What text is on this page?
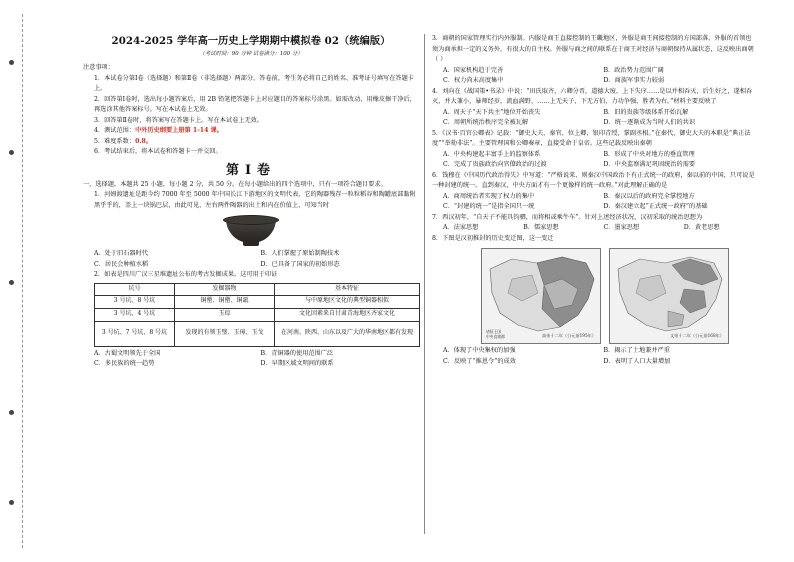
2024-2025 学年高一历史上学期期中模拟卷 02（统编版）
（考试时间：90 分钟 试卷满分：100 分）
注意事项：
1．本试卷分第Ⅰ卷（选择题）和第Ⅱ卷（非选择题）两部分。答卷前，考生务必将自己的姓名、准考证号填写在答题卡上。
2．回答第Ⅰ卷时，选出每小题答案后，用 2B 铅笔把答题卡上对应题目的答案标号涂黑。如需改动，用橡皮擦干净后，再选涂其他答案标号。写在本试卷上无效。
3．回答第Ⅱ卷时，将答案写在答题卡上。写在本试卷上无效。
4．测试范围：中外历史纲要上册第 1-14 课。
5．难度系数：0.8。
6．考试结束后，将本试卷和答题卡一并交回。
第Ⅰ卷
一、选择题。本题共 25 小题，每小题 2 分，共 50 分。在每小题给出的四个选项中，只有一项符合题目要求。
1．河姆渡遗址是距今约 7000 年至 5000 年中国长江下游地区的文明代表，它的陶器残存一粒粒稻谷和陶罐底部黏附黑乎乎的，釜上一块锅巴层，由此可见，左右两件陶器的出土和内在价值上，可知当时
A．处于旧石器时代	B．人们掌握了原始制陶技术
C．居民会种植水稻	D．已具备了国家的初始形态
2．如表是四川广汉三星堆遗址公布的考古发掘成果。这可用于印证
坑号	发掘器物	基本特征
3 号坑、8 号坑	铜罍、铜罍、铜瓿	与中原地区文化的典型铜器相似
3 号坑、4 号坑	玉琮	文化因素来自甘肃青海地区齐家文化
3 号坑、7 号坑、8 号坑	发现的有领玉璧、玉璋、玉戈	在河南、陕西、山东以及广大的华南地区都有发现
A．古蜀文明领先于全国	B．青铜器的使用范围广泛
C．多民族的统一趋势	D．早期区域文明间的联系
3．商朝的国家管理实行内外服制。内服是商王直接控制的王畿地区，外服是商王间接控制的方国部落，外服的首领也须为商承担一定的义务外，有很大的自主权。外服与商之间的联系在于商王对经济与商朝保持从属状态，这反映出商朝（ ）
A．国家机构趋于完善	B．政治势力范围广阔
C．权力尚未高度集中	D．商族军事实力较弱
4．刘向在《战国策•书录》中说：“田氏取齐，六卿分晋，道德大废，上下失序……是以并相吞灭，后生好之，遂相吞灭，并大兼小，暴师经岁，流血满野，……上无天子，下无方伯，力功争强，胜者为右。”材料主要反映了
A．周天子“天下共主”地位开始丧失	B．旧的贵族等级体系开始瓦解
C．周朝所统治秩序完全被瓦解	D．统一逐渐成为当时人们的共识
5．《汉书·百官公卿表》记载：“御史大夫，秦官，位上卿，银印青绶，掌副丞相。”在秦代，御史大夫的本职是“典正法度”“举劾非法”。主要管理国和公卿奏章，直接受命于皇帝。这些记载反映出秦朝
A．中央构建起丰富手上的监察体系	B．形成了中央对地方的垂直管理
C．完成了贵族政治向官僚政治的过渡	D．中央监察满足巩固统治的需要
6．钱穆在《中国历代政治得失》中写道：“严格说来，则秦汉中国政治下有正式统一的政府，秦以前的中国，只可说是一种封建的统一。直到秦汉，中央方面才有一个更像样的统一政府。”对此理解正确的是
A．商周统治者实现了权力的集中	B．秦汉以后的政府完全掌控地方
C．“封建的统一”是指全国只一统	D．秦汉建立起“正式统一政府”的基础
7．西汉初年，“自天子不能具钧驷，而将相或乘牛车”。针对上述经济状况，汉初采取的统治思想为
A．法家思想	B．儒家思想	C．墨家思想	D．黄老思想
8．下图是汉初推封的历史变迁图，这一变迁
诸侯王国
中央直辖郡	高帝十二年（公元前195年）	文帝十二年（公元前168年）
A．体现了中央集权的加强	B．揭示了土地兼并严重
C．反映了“推恩令”的成效	D．表明了人口大量增加
